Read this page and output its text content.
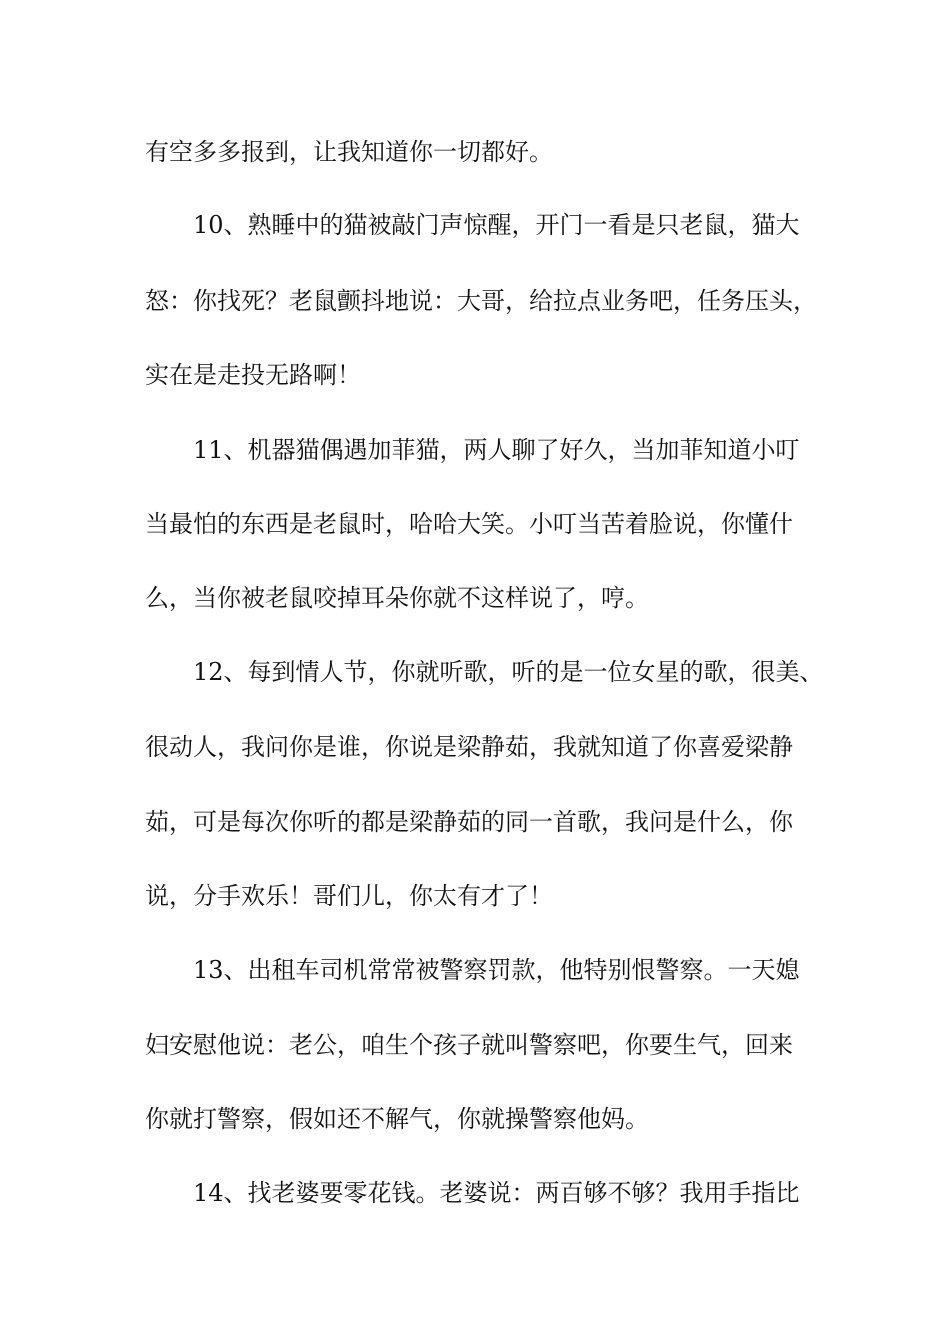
有空多多报到，让我知道你一切都好。
10、熟睡中的猫被敲门声惊醒，开门一看是只老鼠，猫大
怒：你找死？老鼠颤抖地说：大哥，给拉点业务吧，任务压头，
实在是走投无路啊！
11、机器猫偶遇加菲猫，两人聊了好久，当加菲知道小叮
当最怕的东西是老鼠时，哈哈大笑。小叮当苦着脸说，你懂什
么，当你被老鼠咬掉耳朵你就不这样说了，哼。
12、每到情人节，你就听歌，听的是一位女星的歌，很美、
很动人，我问你是谁，你说是梁静茹，我就知道了你喜爱梁静
茹，可是每次你听的都是梁静茹的同一首歌，我问是什么，你
说，分手欢乐！哥们儿，你太有才了！
13、出租车司机常常被警察罚款，他特别恨警察。一天媳
妇安慰他说：老公，咱生个孩子就叫警察吧，你要生气，回来
你就打警察，假如还不解气，你就操警察他妈。
14、找老婆要零花钱。老婆说：两百够不够？我用手指比
